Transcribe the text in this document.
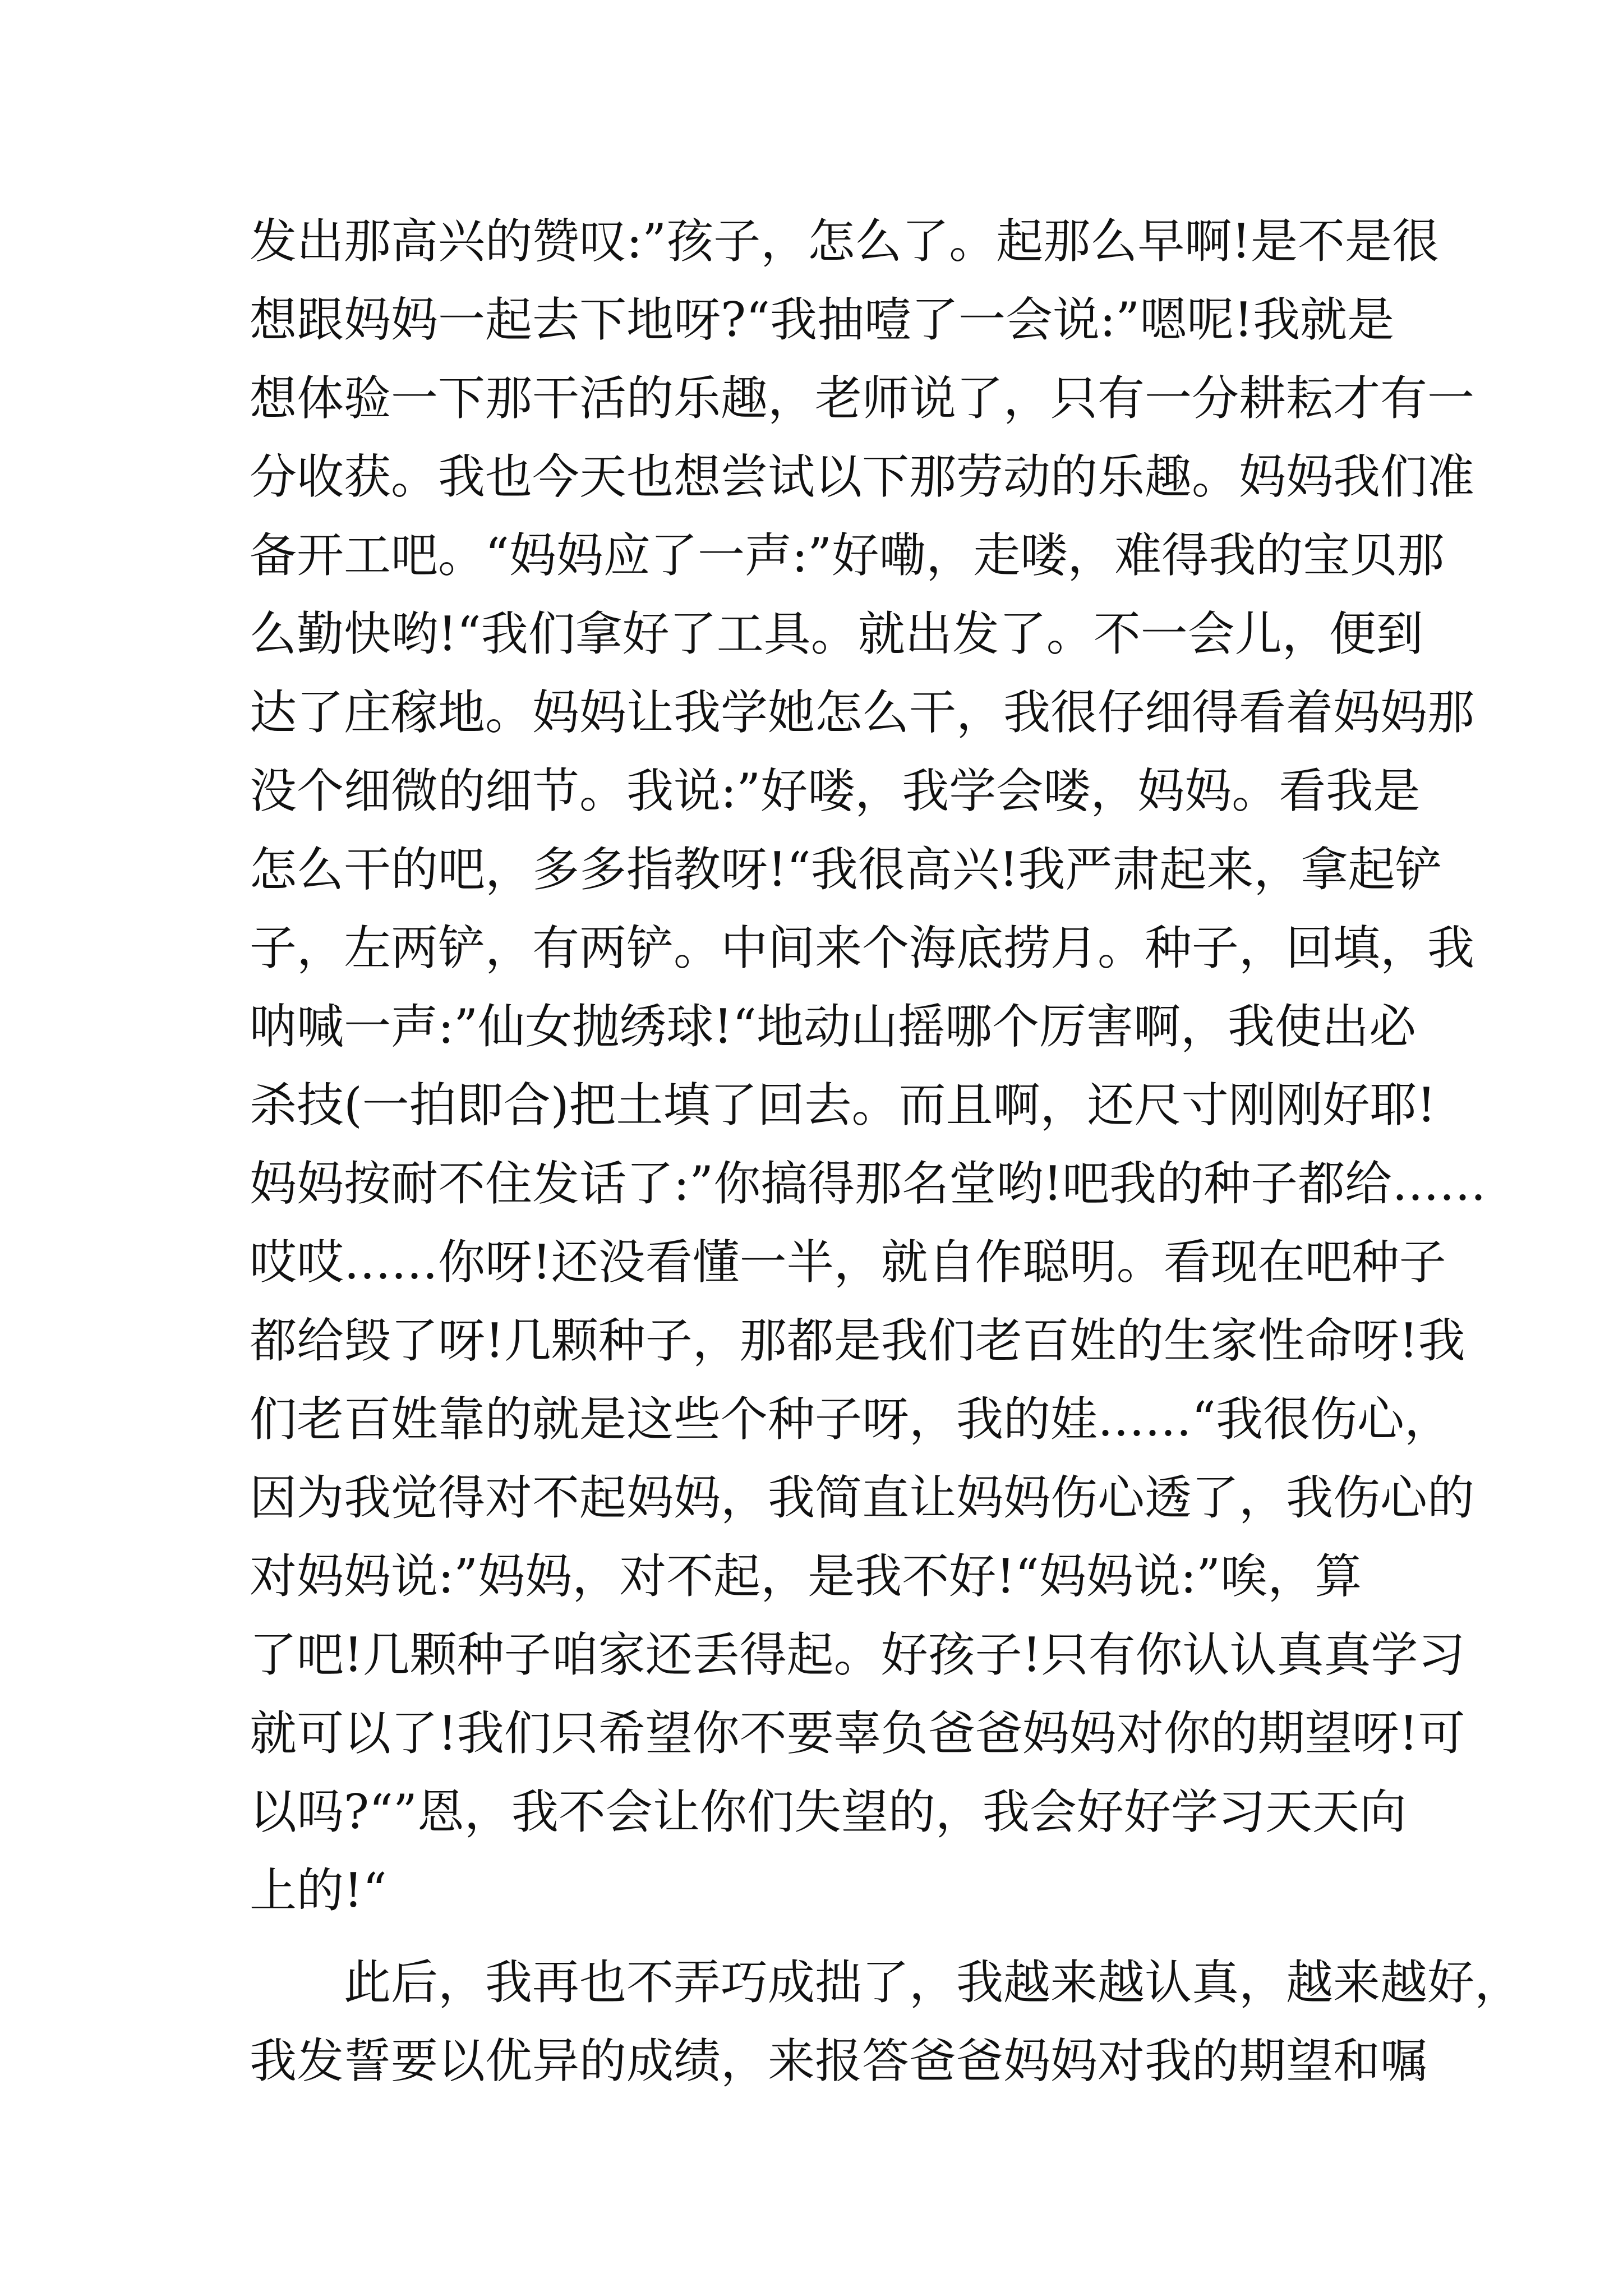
发出那高兴的赞叹:”孩子，怎么了。起那么早啊!是不是很
想跟妈妈一起去下地呀?“我抽噎了一会说:”嗯呢!我就是
想体验一下那干活的乐趣，老师说了，只有一分耕耘才有一
分收获。我也今天也想尝试以下那劳动的乐趣。妈妈我们准
备开工吧。“妈妈应了一声:”好嘞，走喽，难得我的宝贝那
么勤快哟!“我们拿好了工具。就出发了。不一会儿，便到
达了庄稼地。妈妈让我学她怎么干，我很仔细得看着妈妈那
没个细微的细节。我说:”好喽，我学会喽，妈妈。看我是
怎么干的吧，多多指教呀!“我很高兴!我严肃起来，拿起铲
子，左两铲，有两铲。中间来个海底捞月。种子，回填，我
呐喊一声:”仙女抛绣球!“地动山摇哪个厉害啊，我使出必
杀技(一拍即合)把土填了回去。而且啊，还尺寸刚刚好耶!
妈妈按耐不住发话了:”你搞得那名堂哟!吧我的种子都给……
哎哎……你呀!还没看懂一半，就自作聪明。看现在吧种子
都给毁了呀!几颗种子，那都是我们老百姓的生家性命呀!我
们老百姓靠的就是这些个种子呀，我的娃……“我很伤心，
因为我觉得对不起妈妈，我简直让妈妈伤心透了，我伤心的
对妈妈说:”妈妈，对不起，是我不好!“妈妈说:”唉，算
了吧!几颗种子咱家还丢得起。好孩子!只有你认认真真学习
就可以了!我们只希望你不要辜负爸爸妈妈对你的期望呀!可
以吗?“”恩，我不会让你们失望的，我会好好学习天天向
上的!“
此后，我再也不弄巧成拙了，我越来越认真，越来越好，
我发誓要以优异的成绩，来报答爸爸妈妈对我的期望和嘱
